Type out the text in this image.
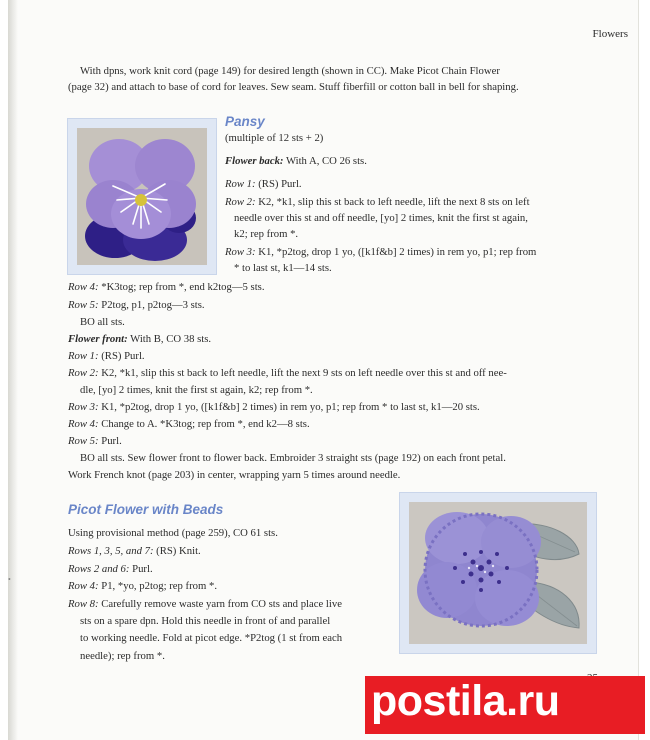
Flowers
With dpns, work knit cord (page 149) for desired length (shown in CC). Make Picot Chain Flower
(page 32) and attach to base of cord for leaves. Sew seam. Stuff fiberfill or cotton ball in bell for shaping.
Pansy
(multiple of 12 sts + 2)
Flower back: With A, CO 26 sts.
Row 1: (RS) Purl.
Row 2: K2, *k1, slip this st back to left needle, lift the next 8 sts on left
needle over this st and off needle, [yo] 2 times, knit the first st again,
k2; rep from *.
Row 3: K1, *p2tog, drop 1 yo, ([k1f&b] 2 times) in rem yo, p1; rep from
* to last st, k1—14 sts.
Row 4: *K3tog; rep from *, end k2tog—5 sts.
Row 5: P2tog, p1, p2tog—3 sts.
BO all sts.
Flower front: With B, CO 38 sts.
Row 1: (RS) Purl.
Row 2: K2, *k1, slip this st back to left needle, lift the next 9 sts on left needle over this st and off nee-
dle, [yo] 2 times, knit the first st again, k2; rep from *.
Row 3: K1, *p2tog, drop 1 yo, ([k1f&b] 2 times) in rem yo, p1; rep from * to last st, k1—20 sts.
Row 4: Change to A. *K3tog; rep from *, end k2—8 sts.
Row 5: Purl.
BO all sts. Sew flower front to flower back. Embroider 3 straight sts (page 192) on each front petal.
Work French knot (page 203) in center, wrapping yarn 5 times around needle.
Picot Flower with Beads
Using provisional method (page 259), CO 61 sts.
Rows 1, 3, 5, and 7: (RS) Knit.
Rows 2 and 6: Purl.
Row 4: P1, *yo, p2tog; rep from *.
Row 8: Carefully remove waste yarn from CO sts and place live
sts on a spare dpn. Hold this needle in front of and parallel
to working needle. Fold at picot edge. *P2tog (1 st from each
needle); rep from *.
•
postila.ru
